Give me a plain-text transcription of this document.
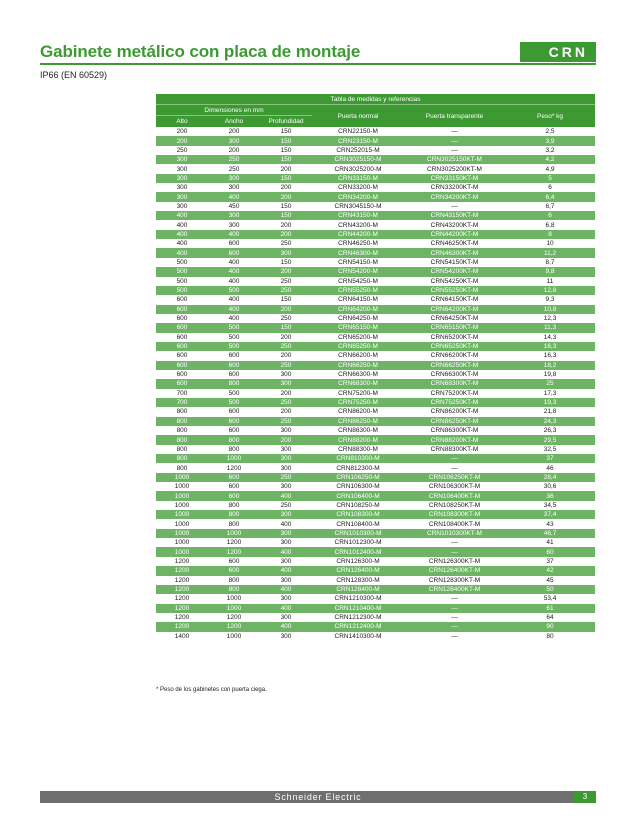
Gabinete metálico con placa de montaje	CRN
IP66 (EN 60529)
Tabla de medidas y referencias					
Dimensiones en mm			Puerta normal	Puerta transparente	Peso* kg
Alto	Ancho	Profundidad			
200	200	150	CRN22150-M	—	2,5
200	300	150	CRN23150-M	—	3,9
250	200	150	CRN252015-M	—	3,2
300	250	150	CRN3025150-M	CRN3025150KT-M	4,2
300	250	200	CRN3025200-M	CRN3025200KT-M	4,9
300	300	150	CRN33150-M	CRN33150KT-M	5
300	300	200	CRN33200-M	CRN33200KT-M	6
300	400	200	CRN34200-M	CRN34200KT-M	6,4
300	450	150	CRN3045150-M	—	6,7
400	300	150	CRN43150-M	CRN43150KT-M	6
400	300	200	CRN43200-M	CRN43200KT-M	6,8
400	400	200	CRN44200-M	CRN44200KT-M	8
400	600	250	CRN46250-M	CRN46250KT-M	10
400	600	300	CRN46300-M	CRN46300KT-M	11,2
500	400	150	CRN54150-M	CRN54150KT-M	8,7
500	400	200	CRN54200-M	CRN54200KT-M	9,8
500	400	250	CRN54250-M	CRN54250KT-M	11
500	500	250	CRN55250-M	CRN55250KT-M	12,8
600	400	150	CRN64150-M	CRN64150KT-M	9,3
600	400	200	CRN64200-M	CRN64200KT-M	10,8
600	400	250	CRN64250-M	CRN64250KT-M	12,3
600	500	150	CRN65150-M	CRN65150KT-M	11,3
600	500	200	CRN65200-M	CRN65200KT-M	14,3
600	500	250	CRN65250-M	CRN65250KT-M	16,3
600	600	200	CRN66200-M	CRN66200KT-M	16,3
600	600	250	CRN66250-M	CRN66250KT-M	18,2
600	600	300	CRN66300-M	CRN66300KT-M	19,8
600	800	300	CRN68300-M	CRN68300KT-M	25
700	500	200	CRN75200-M	CRN75200KT-M	17,3
700	500	250	CRN75250-M	CRN75250KT-M	19,3
800	600	200	CRN86200-M	CRN86200KT-M	21,8
800	600	250	CRN86250-M	CRN86250KT-M	24,3
800	600	300	CRN86300-M	CRN86300KT-M	26,3
800	800	200	CRN88200-M	CRN88200KT-M	29,5
800	800	300	CRN88300-M	CRN88300KT-M	32,5
800	1000	300	CRN810300-M	—	37
800	1200	300	CRN812300-M	—	46
1000	600	250	CRN106250-M	CRN106250KT-M	28,4
1000	600	300	CRN106300-M	CRN106300KT-M	30,6
1000	600	400	CRN106400-M	CRN106400KT-M	36
1000	800	250	CRN108250-M	CRN108250KT-M	34,5
1000	800	300	CRN108300-M	CRN108300KT-M	37,4
1000	800	400	CRN108400-M	CRN108400KT-M	43
1000	1000	300	CRN1010300-M	CRN1010300KT-M	46,7
1000	1200	300	CRN1012300-M	—	41
1000	1200	400	CRN1012400-M	—	60
1200	600	300	CRN126300-M	CRN126300KT-M	37
1200	600	400	CRN126400-M	CRN126400KT-M	42
1200	800	300	CRN128300-M	CRN128300KT-M	45
1200	800	400	CRN128400-M	CRN128400KT-M	50
1200	1000	300	CRN1210300-M	—	53,4
1200	1000	400	CRN1210400-M	—	61
1200	1200	300	CRN1212300-M	—	64
1200	1200	400	CRN1212400-M	—	90
1400	1000	300	CRN1410300-M	—	80
* Peso de los gabinetes con puerta ciega.
Schneider Electric	3
